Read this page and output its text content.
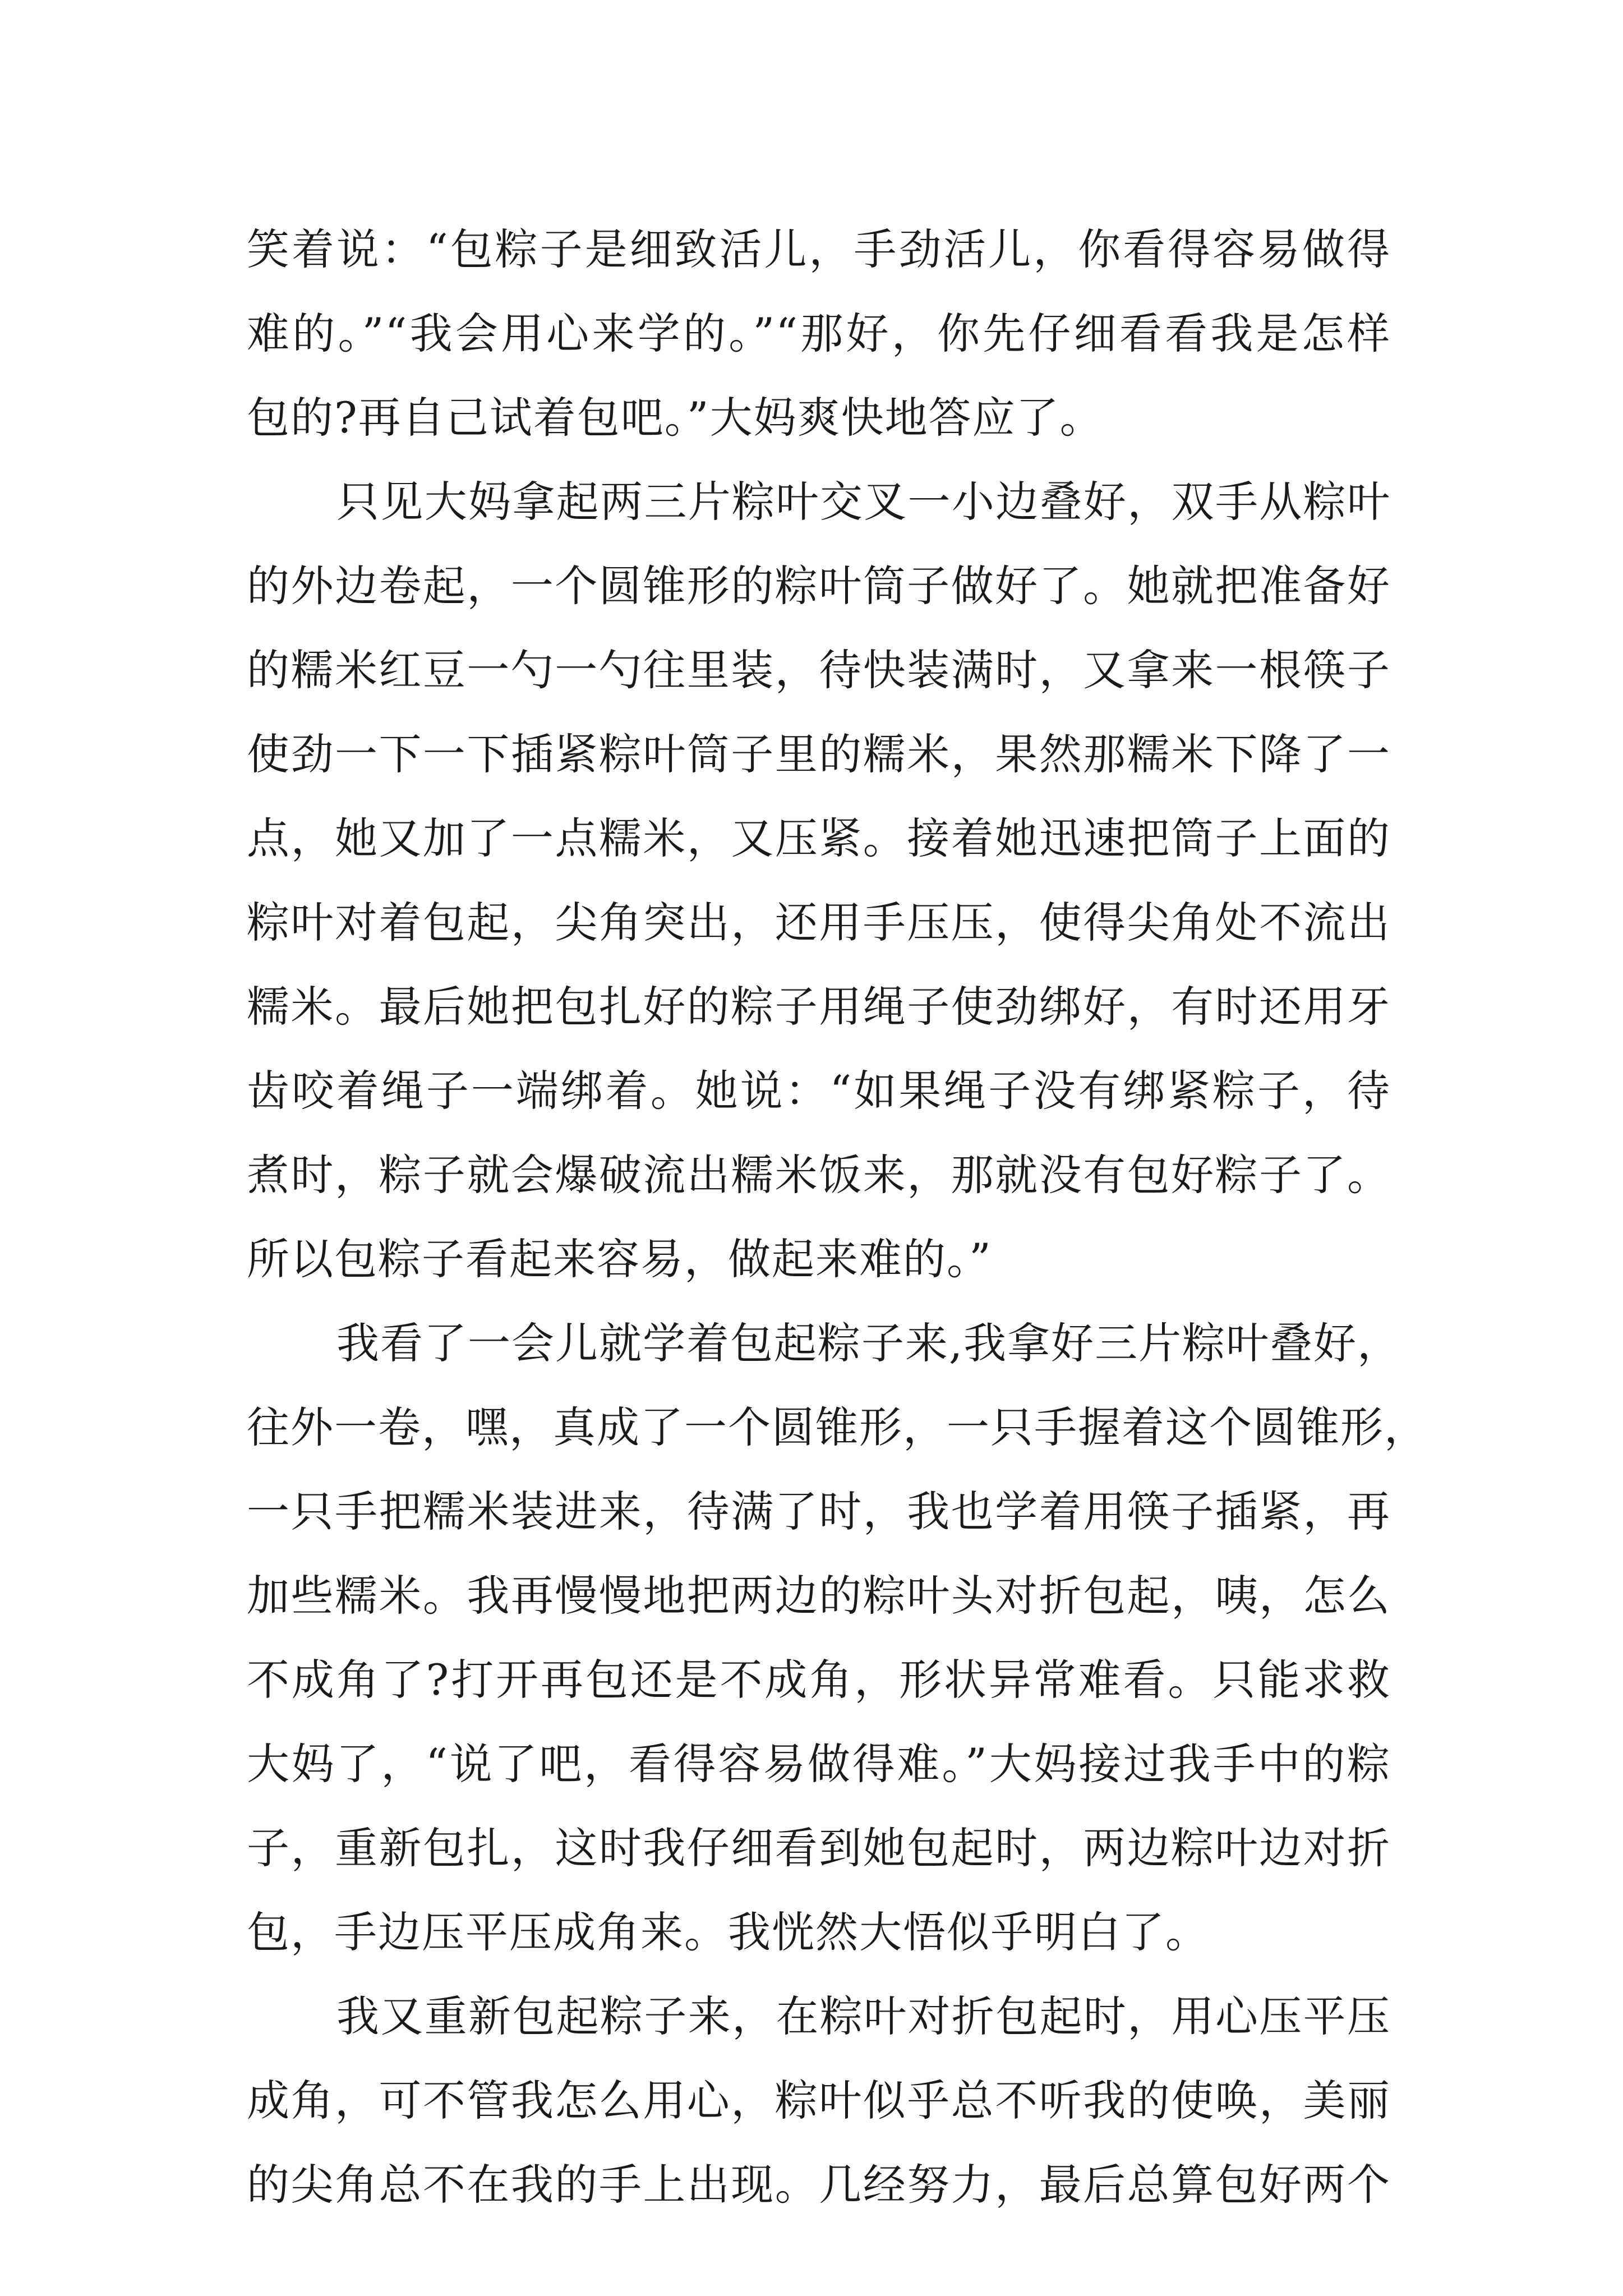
笑着说：“包粽子是细致活儿，手劲活儿，你看得容易做得
难的。”“我会用心来学的。”“那好，你先仔细看看我是怎样
包的?再自己试着包吧。”大妈爽快地答应了。
只见大妈拿起两三片粽叶交叉一小边叠好，双手从粽叶
的外边卷起，一个圆锥形的粽叶筒子做好了。她就把准备好
的糯米红豆一勺一勺往里装，待快装满时，又拿来一根筷子
使劲一下一下插紧粽叶筒子里的糯米，果然那糯米下降了一
点，她又加了一点糯米，又压紧。接着她迅速把筒子上面的
粽叶对着包起，尖角突出，还用手压压，使得尖角处不流出
糯米。最后她把包扎好的粽子用绳子使劲绑好，有时还用牙
齿咬着绳子一端绑着。她说：“如果绳子没有绑紧粽子，待
煮时，粽子就会爆破流出糯米饭来，那就没有包好粽子了。
所以包粽子看起来容易，做起来难的。”
我看了一会儿就学着包起粽子来,我拿好三片粽叶叠好，
往外一卷，嘿，真成了一个圆锥形，一只手握着这个圆锥形，
一只手把糯米装进来，待满了时，我也学着用筷子插紧，再
加些糯米。我再慢慢地把两边的粽叶头对折包起，咦，怎么
不成角了?打开再包还是不成角，形状异常难看。只能求救
大妈了，“说了吧，看得容易做得难。”大妈接过我手中的粽
子，重新包扎，这时我仔细看到她包起时，两边粽叶边对折
包，手边压平压成角来。我恍然大悟似乎明白了。
我又重新包起粽子来，在粽叶对折包起时，用心压平压
成角，可不管我怎么用心，粽叶似乎总不听我的使唤，美丽
的尖角总不在我的手上出现。几经努力，最后总算包好两个
